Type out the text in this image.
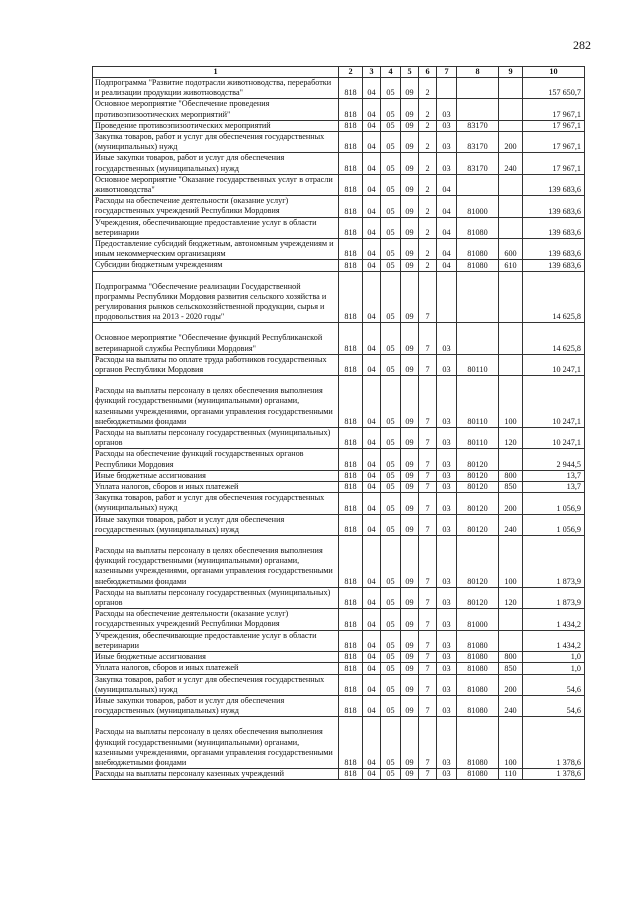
282
1	2	3	4	5	6	7	8	9	10
Подпрограмма "Развитие подотрасли животноводства, переработки и реализации продукции животноводства"	818	04	05	09	2				157 650,7
Основное мероприятие "Обеспечение проведения противоэпизоотических мероприятий"	818	04	05	09	2	03			17 967,1
Проведение противоэпизоотических мероприятий	818	04	05	09	2	03	83170		17 967,1
Закупка товаров, работ и услуг для обеспечения государственных (муниципальных) нужд	818	04	05	09	2	03	83170	200	17 967,1
Иные закупки товаров, работ и услуг для обеспечения государственных (муниципальных) нужд	818	04	05	09	2	03	83170	240	17 967,1
Основное мероприятие "Оказание государственных услуг в отрасли животноводства"	818	04	05	09	2	04			139 683,6
Расходы на обеспечение деятельности (оказание услуг) государственных учреждений Республики Мордовия	818	04	05	09	2	04	81000		139 683,6
Учреждения, обеспечивающие предоставление услуг в области ветеринарии	818	04	05	09	2	04	81080		139 683,6
Предоставление субсидий бюджетным, автономным учреждениям и иным некоммерческим организациям	818	04	05	09	2	04	81080	600	139 683,6
Субсидии бюджетным учреждениям	818	04	05	09	2	04	81080	610	139 683,6
Подпрограмма "Обеспечение реализации Государственной программы Республики Мордовия развития сельского хозяйства и регулирования рынков сельскохозяйственной продукции, сырья и продовольствия на 2013 - 2020 годы"	818	04	05	09	7				14 625,8
Основное мероприятие "Обеспечение функций Республиканской ветеринарной службы Республики Мордовия"	818	04	05	09	7	03			14 625,8
Расходы на выплаты по оплате труда работников государственных органов Республики Мордовия	818	04	05	09	7	03	80110		10 247,1
Расходы на выплаты персоналу в целях обеспечения выполнения функций государственными (муниципальными) органами, казенными учреждениями, органами управления государственными внебюджетными фондами	818	04	05	09	7	03	80110	100	10 247,1
Расходы на выплаты персоналу государственных (муниципальных) органов	818	04	05	09	7	03	80110	120	10 247,1
Расходы на обеспечение функций государственных органов Республики Мордовия	818	04	05	09	7	03	80120		2 944,5
Иные бюджетные ассигнования	818	04	05	09	7	03	80120	800	13,7
Уплата налогов, сборов и иных платежей	818	04	05	09	7	03	80120	850	13,7
Закупка товаров, работ и услуг для обеспечения государственных (муниципальных) нужд	818	04	05	09	7	03	80120	200	1 056,9
Иные закупки товаров, работ и услуг для обеспечения государственных (муниципальных) нужд	818	04	05	09	7	03	80120	240	1 056,9
Расходы на выплаты персоналу в целях обеспечения выполнения функций государственными (муниципальными) органами, казенными учреждениями, органами управления государственными внебюджетными фондами	818	04	05	09	7	03	80120	100	1 873,9
Расходы на выплаты персоналу государственных (муниципальных) органов	818	04	05	09	7	03	80120	120	1 873,9
Расходы на обеспечение деятельности (оказание услуг) государственных учреждений Республики Мордовия	818	04	05	09	7	03	81000		1 434,2
Учреждения, обеспечивающие предоставление услуг в области ветеринарии	818	04	05	09	7	03	81080		1 434,2
Иные бюджетные ассигнования	818	04	05	09	7	03	81080	800	1,0
Уплата налогов, сборов и иных платежей	818	04	05	09	7	03	81080	850	1,0
Закупка товаров, работ и услуг для обеспечения государственных (муниципальных) нужд	818	04	05	09	7	03	81080	200	54,6
Иные закупки товаров, работ и услуг для обеспечения государственных (муниципальных) нужд	818	04	05	09	7	03	81080	240	54,6
Расходы на выплаты персоналу в целях обеспечения выполнения функций государственными (муниципальными) органами, казенными учреждениями, органами управления государственными внебюджетными фондами	818	04	05	09	7	03	81080	100	1 378,6
Расходы на выплаты персоналу казенных учреждений	818	04	05	09	7	03	81080	110	1 378,6
